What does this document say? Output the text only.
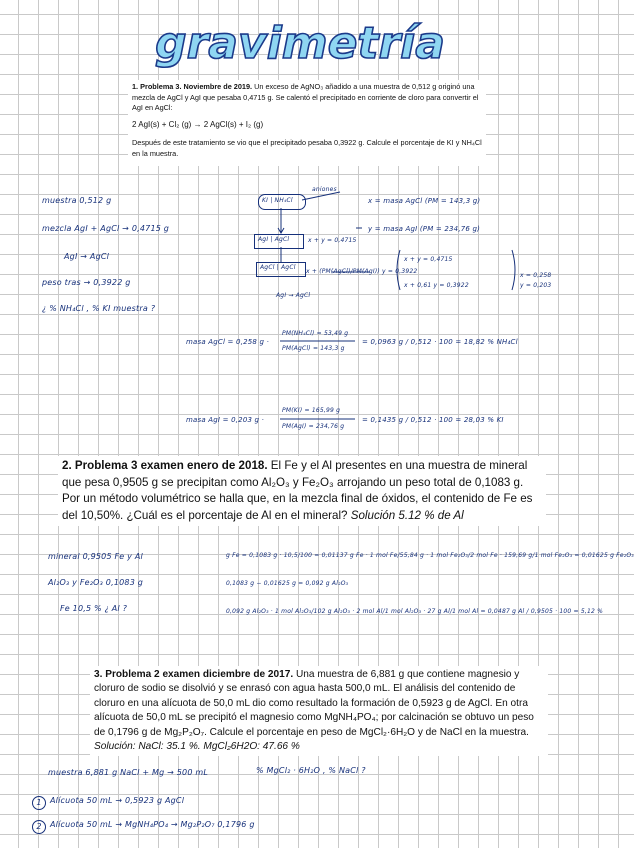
gravimetría

1. Problema 3. Noviembre de 2019. Un exceso de AgNO₃ añadido a una muestra de 0,512 g originó una mezcla de AgCl y AgI que pesaba 0,4715 g. Se calentó el precipitado en corriente de cloro para convertir el AgI en AgCl:

2 AgI(s) + Cl₂ (g) → 2 AgCl(s) + I₂ (g)

Después de este tratamiento se vio que el precipitado pesaba 0,3922 g. Calcule el porcentaje de KI y NH₄Cl en la muestra.

muestra 0,512 g
mezcla AgI + AgCl → 0,4715 g
AgI → AgCl
peso tras → 0,3922 g
¿ % NH₄Cl , % KI muestra ?
aniones
KI | NH₄Cl
AgI | AgCl	x + y = 0,4715
AgCl | AgCl
x + (PM(AgCl)/PM(AgI)) y = 0,3922
AgI → AgCl
x + 0,61 y = 0,3922
x = masa AgCl (PM = 143,3 g)
y = masa AgI (PM = 234,76 g)
x + y = 0,4715
x = 0,258
y = 0,203
masa AgCl = 0,258 g ·
PM(NH₄Cl) = 53,49 g
PM(AgCl) = 143,3 g
= 0,0963 g / 0,512 · 100 = 18,82 % NH₄Cl
masa AgI = 0,203 g ·
PM(KI) = 165,99 g
PM(AgI) = 234,76 g
= 0,1435 g / 0,512 · 100 = 28,03 % KI
2. Problema 3 examen enero de 2018. El Fe y el Al presentes en una muestra de mineral que pesa 0,9505 g se precipitan como Al₂O₃ y Fe₂O₃ arrojando un peso total de 0,1083 g. Por un método volumétrico se halla que, en la mezcla final de óxidos, el contenido de Fe es del 10,50%. ¿Cuál es el porcentaje de Al en el mineral? Solución 5.12 % de Al
mineral 0,9505 Fe y Al
Al₂O₃ y Fe₂O₃ 0,1083 g
Fe 10,5 % ¿ Al ?
g Fe = 0,1083 g · 10,5/100 = 0,01137 g Fe · 1 mol Fe/55,84 g · 1 mol Fe₂O₃/2 mol Fe · 159,69 g/1 mol Fe₂O₃ = 0,01625 g Fe₂O₃
0,1083 g − 0,01625 g = 0,092 g Al₂O₃
0,092 g Al₂O₃ · 1 mol Al₂O₃/102 g Al₂O₃ · 2 mol Al/1 mol Al₂O₃ · 27 g Al/1 mol Al = 0,0487 g Al / 0,9505 · 100 = 5,12 %
3. Problema 2 examen diciembre de 2017. Una muestra de 6,881 g que contiene magnesio y cloruro de sodio se disolvió y se enrasó con agua hasta 500,0 mL. El análisis del contenido de cloruro en una alícuota de 50,0 mL dio como resultado la formación de 0,5923 g de AgCl. En otra alícuota de 50,0 mL se precipitó el magnesio como MgNH₄PO₄; por calcinación se obtuvo un peso de 0,1796 g de Mg₂P₂O₇. Calcule el porcentaje en peso de MgCl₂·6H₂O y de NaCl en la muestra. Solución: NaCl: 35.1 %. MgCl₂6H2O: 47.66 %
muestra 6,881 g NaCl + Mg → 500 mL	% MgCl₂ · 6H₂O , % NaCl ?
1	Alícuota 50 mL → 0,5923 g AgCl
2	Alícuota 50 mL → MgNH₄PO₄ → Mg₂P₂O₇ 0,1796 g
